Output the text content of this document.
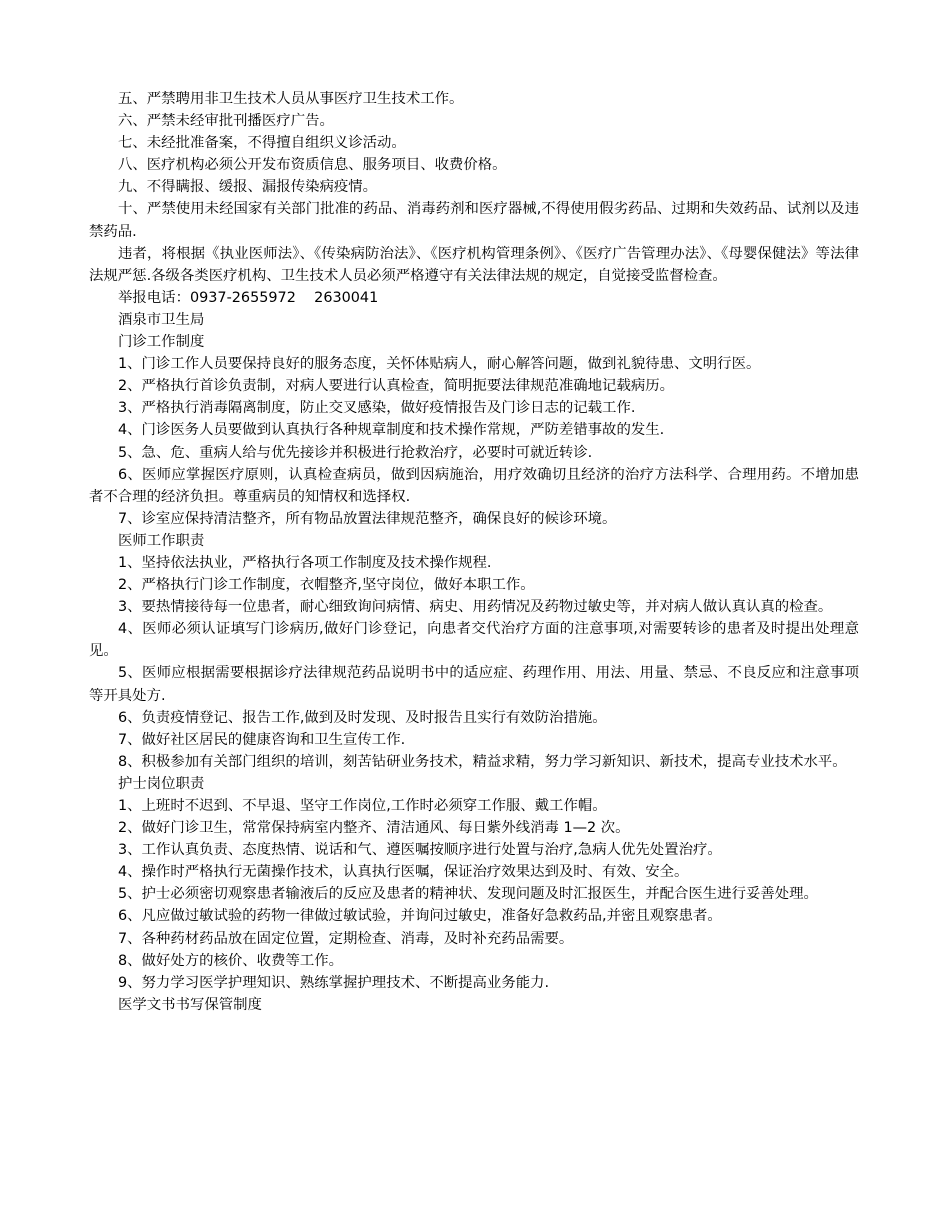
五、严禁聘用非卫生技术人员从事医疗卫生技术工作。

六、严禁未经审批刊播医疗广告。

七、未经批准备案，不得擅自组织义诊活动。

八、医疗机构必须公开发布资质信息、服务项目、收费价格。

九、不得瞒报、缓报、漏报传染病疫情。

十、严禁使用未经国家有关部门批准的药品、消毒药剂和医疗器械,不得使用假劣药品、过期和失效药品、试剂以及违禁药品.

违者，将根据《执业医师法》、《传染病防治法》、《医疗机构管理条例》、《医疗广告管理办法》、《母婴保健法》等法律法规严惩.各级各类医疗机构、卫生技术人员必须严格遵守有关法律法规的规定，自觉接受监督检查。

举报电话：0937-2655972    2630041

酒泉市卫生局

门诊工作制度

1、门诊工作人员要保持良好的服务态度，关怀体贴病人，耐心解答问题，做到礼貌待患、文明行医。

2、严格执行首诊负责制，对病人要进行认真检查，简明扼要法律规范准确地记载病历。

3、严格执行消毒隔离制度，防止交叉感染，做好疫情报告及门诊日志的记载工作.

4、门诊医务人员要做到认真执行各种规章制度和技术操作常规，严防差错事故的发生.

5、急、危、重病人给与优先接诊并积极进行抢救治疗，必要时可就近转诊.

6、医师应掌握医疗原则，认真检查病员，做到因病施治，用疗效确切且经济的治疗方法科学、合理用药。不增加患者不合理的经济负担。尊重病员的知情权和选择权.

7、诊室应保持清洁整齐，所有物品放置法律规范整齐，确保良好的候诊环境。

医师工作职责

1、坚持依法执业，严格执行各项工作制度及技术操作规程.

2、严格执行门诊工作制度，衣帽整齐,坚守岗位，做好本职工作。

3、要热情接待每一位患者，耐心细致询问病情、病史、用药情况及药物过敏史等，并对病人做认真认真的检查。

4、医师必须认证填写门诊病历,做好门诊登记，向患者交代治疗方面的注意事项,对需要转诊的患者及时提出处理意见。

5、医师应根据需要根据诊疗法律规范药品说明书中的适应症、药理作用、用法、用量、禁忌、不良反应和注意事项等开具处方.

6、负责疫情登记、报告工作,做到及时发现、及时报告且实行有效防治措施。

7、做好社区居民的健康咨询和卫生宣传工作.

8、积极参加有关部门组织的培训，刻苦钻研业务技术，精益求精，努力学习新知识、新技术，提高专业技术水平。

护士岗位职责

1、上班时不迟到、不早退、坚守工作岗位,工作时必须穿工作服、戴工作帽。

2、做好门诊卫生，常常保持病室内整齐、清洁通风、每日紫外线消毒 1—2 次。

3、工作认真负责、态度热情、说话和气、遵医嘱按顺序进行处置与治疗,急病人优先处置治疗。

4、操作时严格执行无菌操作技术，认真执行医嘱，保证治疗效果达到及时、有效、安全。

5、护士必须密切观察患者输液后的反应及患者的精神状、发现问题及时汇报医生，并配合医生进行妥善处理。

6、凡应做过敏试验的药物一律做过敏试验，并询问过敏史，准备好急救药品,并密且观察患者。

7、各种药材药品放在固定位置，定期检查、消毒，及时补充药品需要。

8、做好处方的核价、收费等工作。

9、努力学习医学护理知识、熟练掌握护理技术、不断提高业务能力.

医学文书书写保管制度
